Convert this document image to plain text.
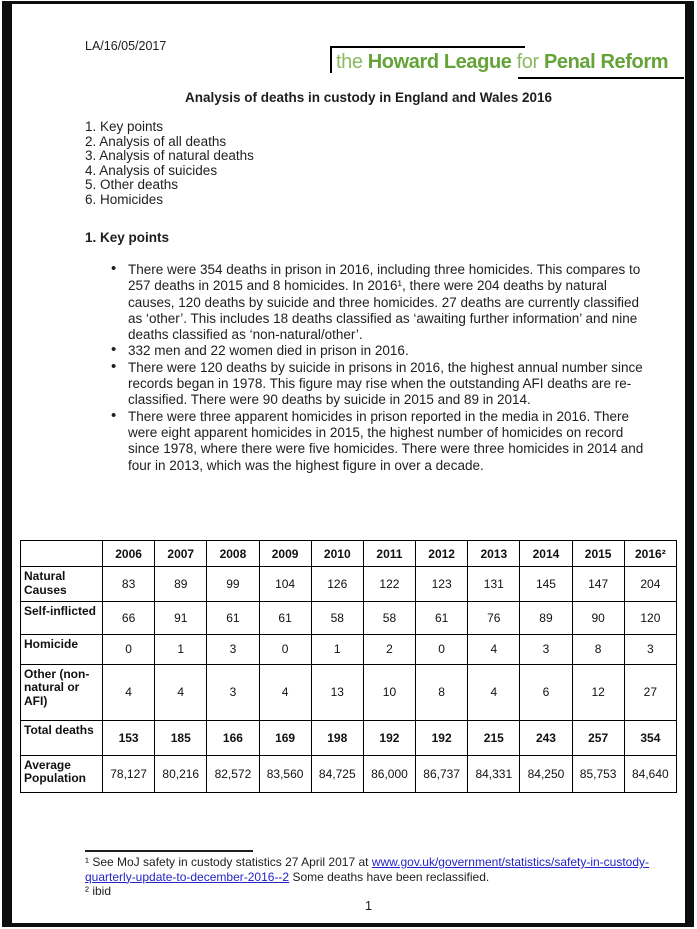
LA/16/05/2017
the Howard League for Penal Reform
Analysis of deaths in custody in England and Wales 2016
1. Key points
2. Analysis of all deaths
3. Analysis of natural deaths
4. Analysis of suicides
5. Other deaths
6. Homicides
1. Key points
• There were 354 deaths in prison in 2016, including three homicides. This compares to 257 deaths in 2015 and 8 homicides. In 2016¹, there were 204 deaths by natural causes, 120 deaths by suicide and three homicides. 27 deaths are currently classified as ‘other’. This includes 18 deaths classified as ‘awaiting further information’ and nine deaths classified as ‘non-natural/other’.
• 332 men and 22 women died in prison in 2016.
• There were 120 deaths by suicide in prisons in 2016, the highest annual number since records began in 1978. This figure may rise when the outstanding AFI deaths are re-classified. There were 90 deaths by suicide in 2015 and 89 in 2014.
• There were three apparent homicides in prison reported in the media in 2016. There were eight apparent homicides in 2015, the highest number of homicides on record since 1978, where there were five homicides. There were three homicides in 2014 and four in 2013, which was the highest figure in over a decade.
	2006	2007	2008	2009	2010	2011	2012	2013	2014	2015	2016²
Natural Causes	83	89	99	104	126	122	123	131	145	147	204
Self-inflicted	66	91	61	61	58	58	61	76	89	90	120
Homicide	0	1	3	0	1	2	0	4	3	8	3
Other (non-natural or AFI)	4	4	3	4	13	10	8	4	6	12	27
Total deaths	153	185	166	169	198	192	192	215	243	257	354
Average Population	78,127	80,216	82,572	83,560	84,725	86,000	86,737	84,331	84,250	85,753	84,640
¹ See MoJ safety in custody statistics 27 April 2017 at www.gov.uk/government/statistics/safety-in-custody-quarterly-update-to-december-2016--2 Some deaths have been reclassified.
² ibid
1
